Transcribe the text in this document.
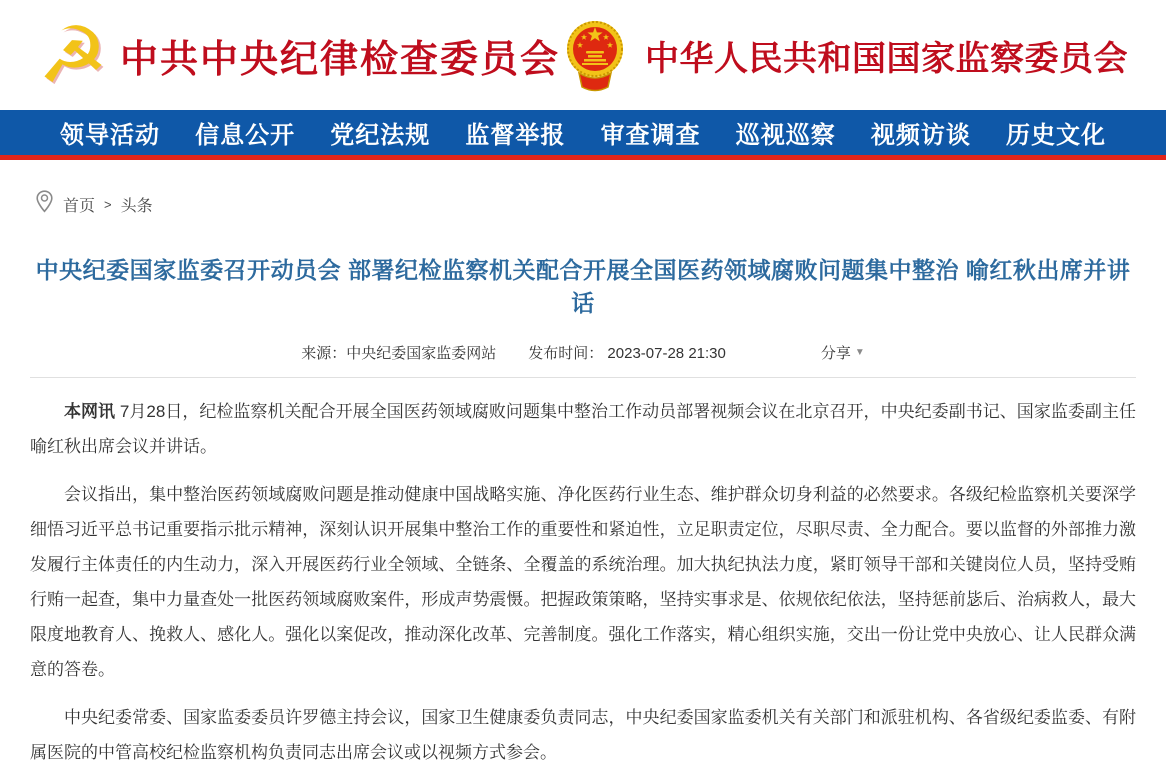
☭ 中共中央纪律检查委员会 中华人民共和国国家监察委员会
领导活动 信息公开 党纪法规 监督举报 审查调查 巡视巡察 视频访谈 历史文化
首页 > 头条
中央纪委国家监委召开动员会 部署纪检监察机关配合开展全国医药领域腐败问题集中整治 喻红秋出席并讲话
来源：中央纪委国家监委网站 发布时间： 2023-07-28 21:30	分享 ▼

本网讯 7月28日，纪检监察机关配合开展全国医药领域腐败问题集中整治工作动员部署视频会议在北京召开，中央纪委副书记、国家监委副主任喻红秋出席会议并讲话。

会议指出，集中整治医药领域腐败问题是推动健康中国战略实施、净化医药行业生态、维护群众切身利益的必然要求。各级纪检监察机关要深学细悟习近平总书记重要指示批示精神，深刻认识开展集中整治工作的重要性和紧迫性，立足职责定位，尽职尽责、全力配合。要以监督的外部推力激发履行主体责任的内生动力，深入开展医药行业全领域、全链条、全覆盖的系统治理。加大执纪执法力度，紧盯领导干部和关键岗位人员，坚持受贿行贿一起查，集中力量查处一批医药领域腐败案件，形成声势震慑。把握政策策略，坚持实事求是、依规依纪依法，坚持惩前毖后、治病救人，最大限度地教育人、挽救人、感化人。强化以案促改，推动深化改革、完善制度。强化工作落实，精心组织实施，交出一份让党中央放心、让人民群众满意的答卷。

中央纪委常委、国家监委委员许罗德主持会议，国家卫生健康委负责同志，中央纪委国家监委机关有关部门和派驻机构、各省级纪委监委、有附属医院的中管高校纪检监察机构负责同志出席会议或以视频方式参会。
